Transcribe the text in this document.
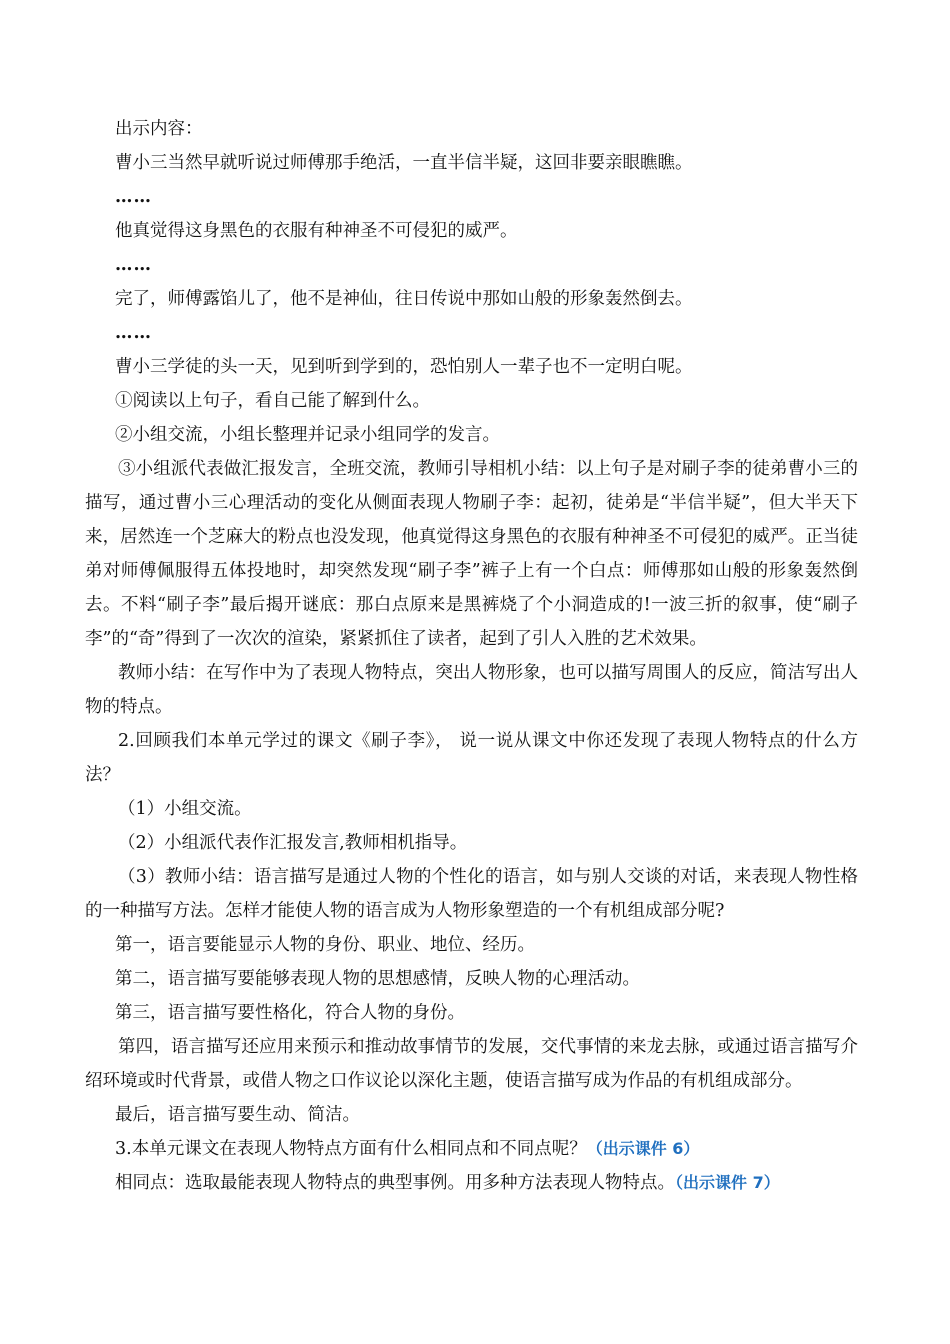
出示内容：

曹小三当然早就听说过师傅那手绝活，一直半信半疑，这回非要亲眼瞧瞧。

……

他真觉得这身黑色的衣服有种神圣不可侵犯的威严。

……

完了，师傅露馅儿了，他不是神仙，往日传说中那如山般的形象轰然倒去。

……

曹小三学徒的头一天，见到听到学到的，恐怕别人一辈子也不一定明白呢。

①阅读以上句子，看自己能了解到什么。

②小组交流，小组长整理并记录小组同学的发言。

③小组派代表做汇报发言，全班交流，教师引导相机小结：以上句子是对刷子李的徒弟曹小三的描写，通过曹小三心理活动的变化从侧面表现人物刷子李：起初，徒弟是“半信半疑”，但大半天下来，居然连一个芝麻大的粉点也没发现，他真觉得这身黑色的衣服有种神圣不可侵犯的威严。正当徒弟对师傅佩服得五体投地时，却突然发现“刷子李”裤子上有一个白点：师傅那如山般的形象轰然倒去。不料“刷子李”最后揭开谜底：那白点原来是黑裤烧了个小洞造成的!一波三折的叙事，使“刷子李”的“奇”得到了一次次的渲染，紧紧抓住了读者，起到了引人入胜的艺术效果。

教师小结：在写作中为了表现人物特点，突出人物形象，也可以描写周围人的反应，简洁写出人物的特点。

2.回顾我们本单元学过的课文《刷子李》， 说一说从课文中你还发现了表现人物特点的什么方法？

（1）小组交流。

（2）小组派代表作汇报发言,教师相机指导。

（3）教师小结：语言描写是通过人物的个性化的语言，如与别人交谈的对话，来表现人物性格的一种描写方法。怎样才能使人物的语言成为人物形象塑造的一个有机组成部分呢?

第一，语言要能显示人物的身份、职业、地位、经历。

第二，语言描写要能够表现人物的思想感情，反映人物的心理活动。

第三，语言描写要性格化，符合人物的身份。

第四，语言描写还应用来预示和推动故事情节的发展，交代事情的来龙去脉，或通过语言描写介绍环境或时代背景，或借人物之口作议论以深化主题，使语言描写成为作品的有机组成部分。

最后，语言描写要生动、简洁。

3.本单元课文在表现人物特点方面有什么相同点和不同点呢？（出示课件 6）

相同点：选取最能表现人物特点的典型事例。用多种方法表现人物特点。（出示课件 7）
